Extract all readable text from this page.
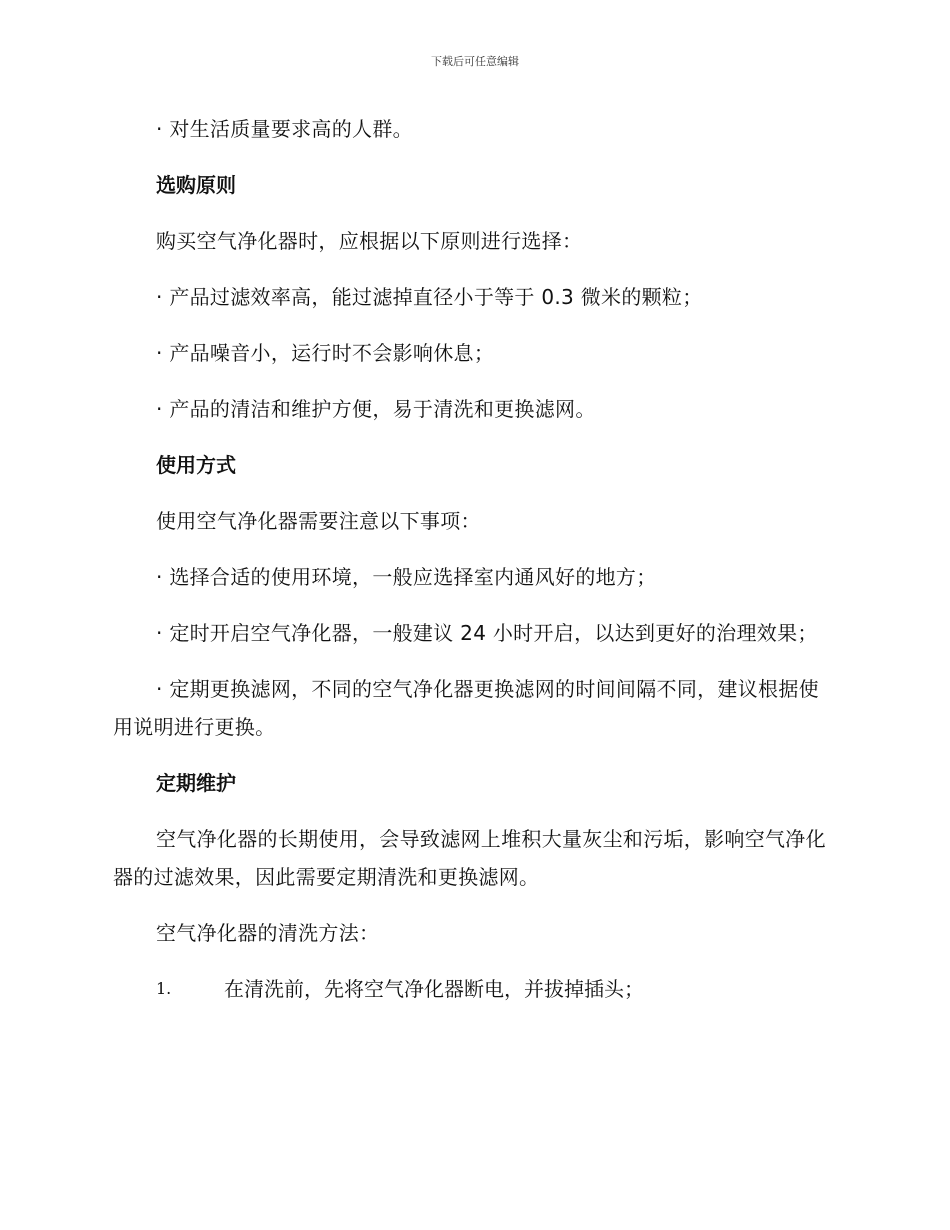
下载后可任意编辑

· 对生活质量要求高的人群。

选购原则

购买空气净化器时，应根据以下原则进行选择：

· 产品过滤效率高，能过滤掉直径小于等于 0.3 微米的颗粒；

· 产品噪音小，运行时不会影响休息；

· 产品的清洁和维护方便，易于清洗和更换滤网。

使用方式

使用空气净化器需要注意以下事项：

· 选择合适的使用环境，一般应选择室内通风好的地方；

· 定时开启空气净化器，一般建议 24 小时开启，以达到更好的治理效果；

· 定期更换滤网，不同的空气净化器更换滤网的时间间隔不同，建议根据使用说明进行更换。

定期维护

空气净化器的长期使用，会导致滤网上堆积大量灰尘和污垢，影响空气净化器的过滤效果，因此需要定期清洗和更换滤网。

空气净化器的清洗方法：

1.	在清洗前，先将空气净化器断电，并拔掉插头；
